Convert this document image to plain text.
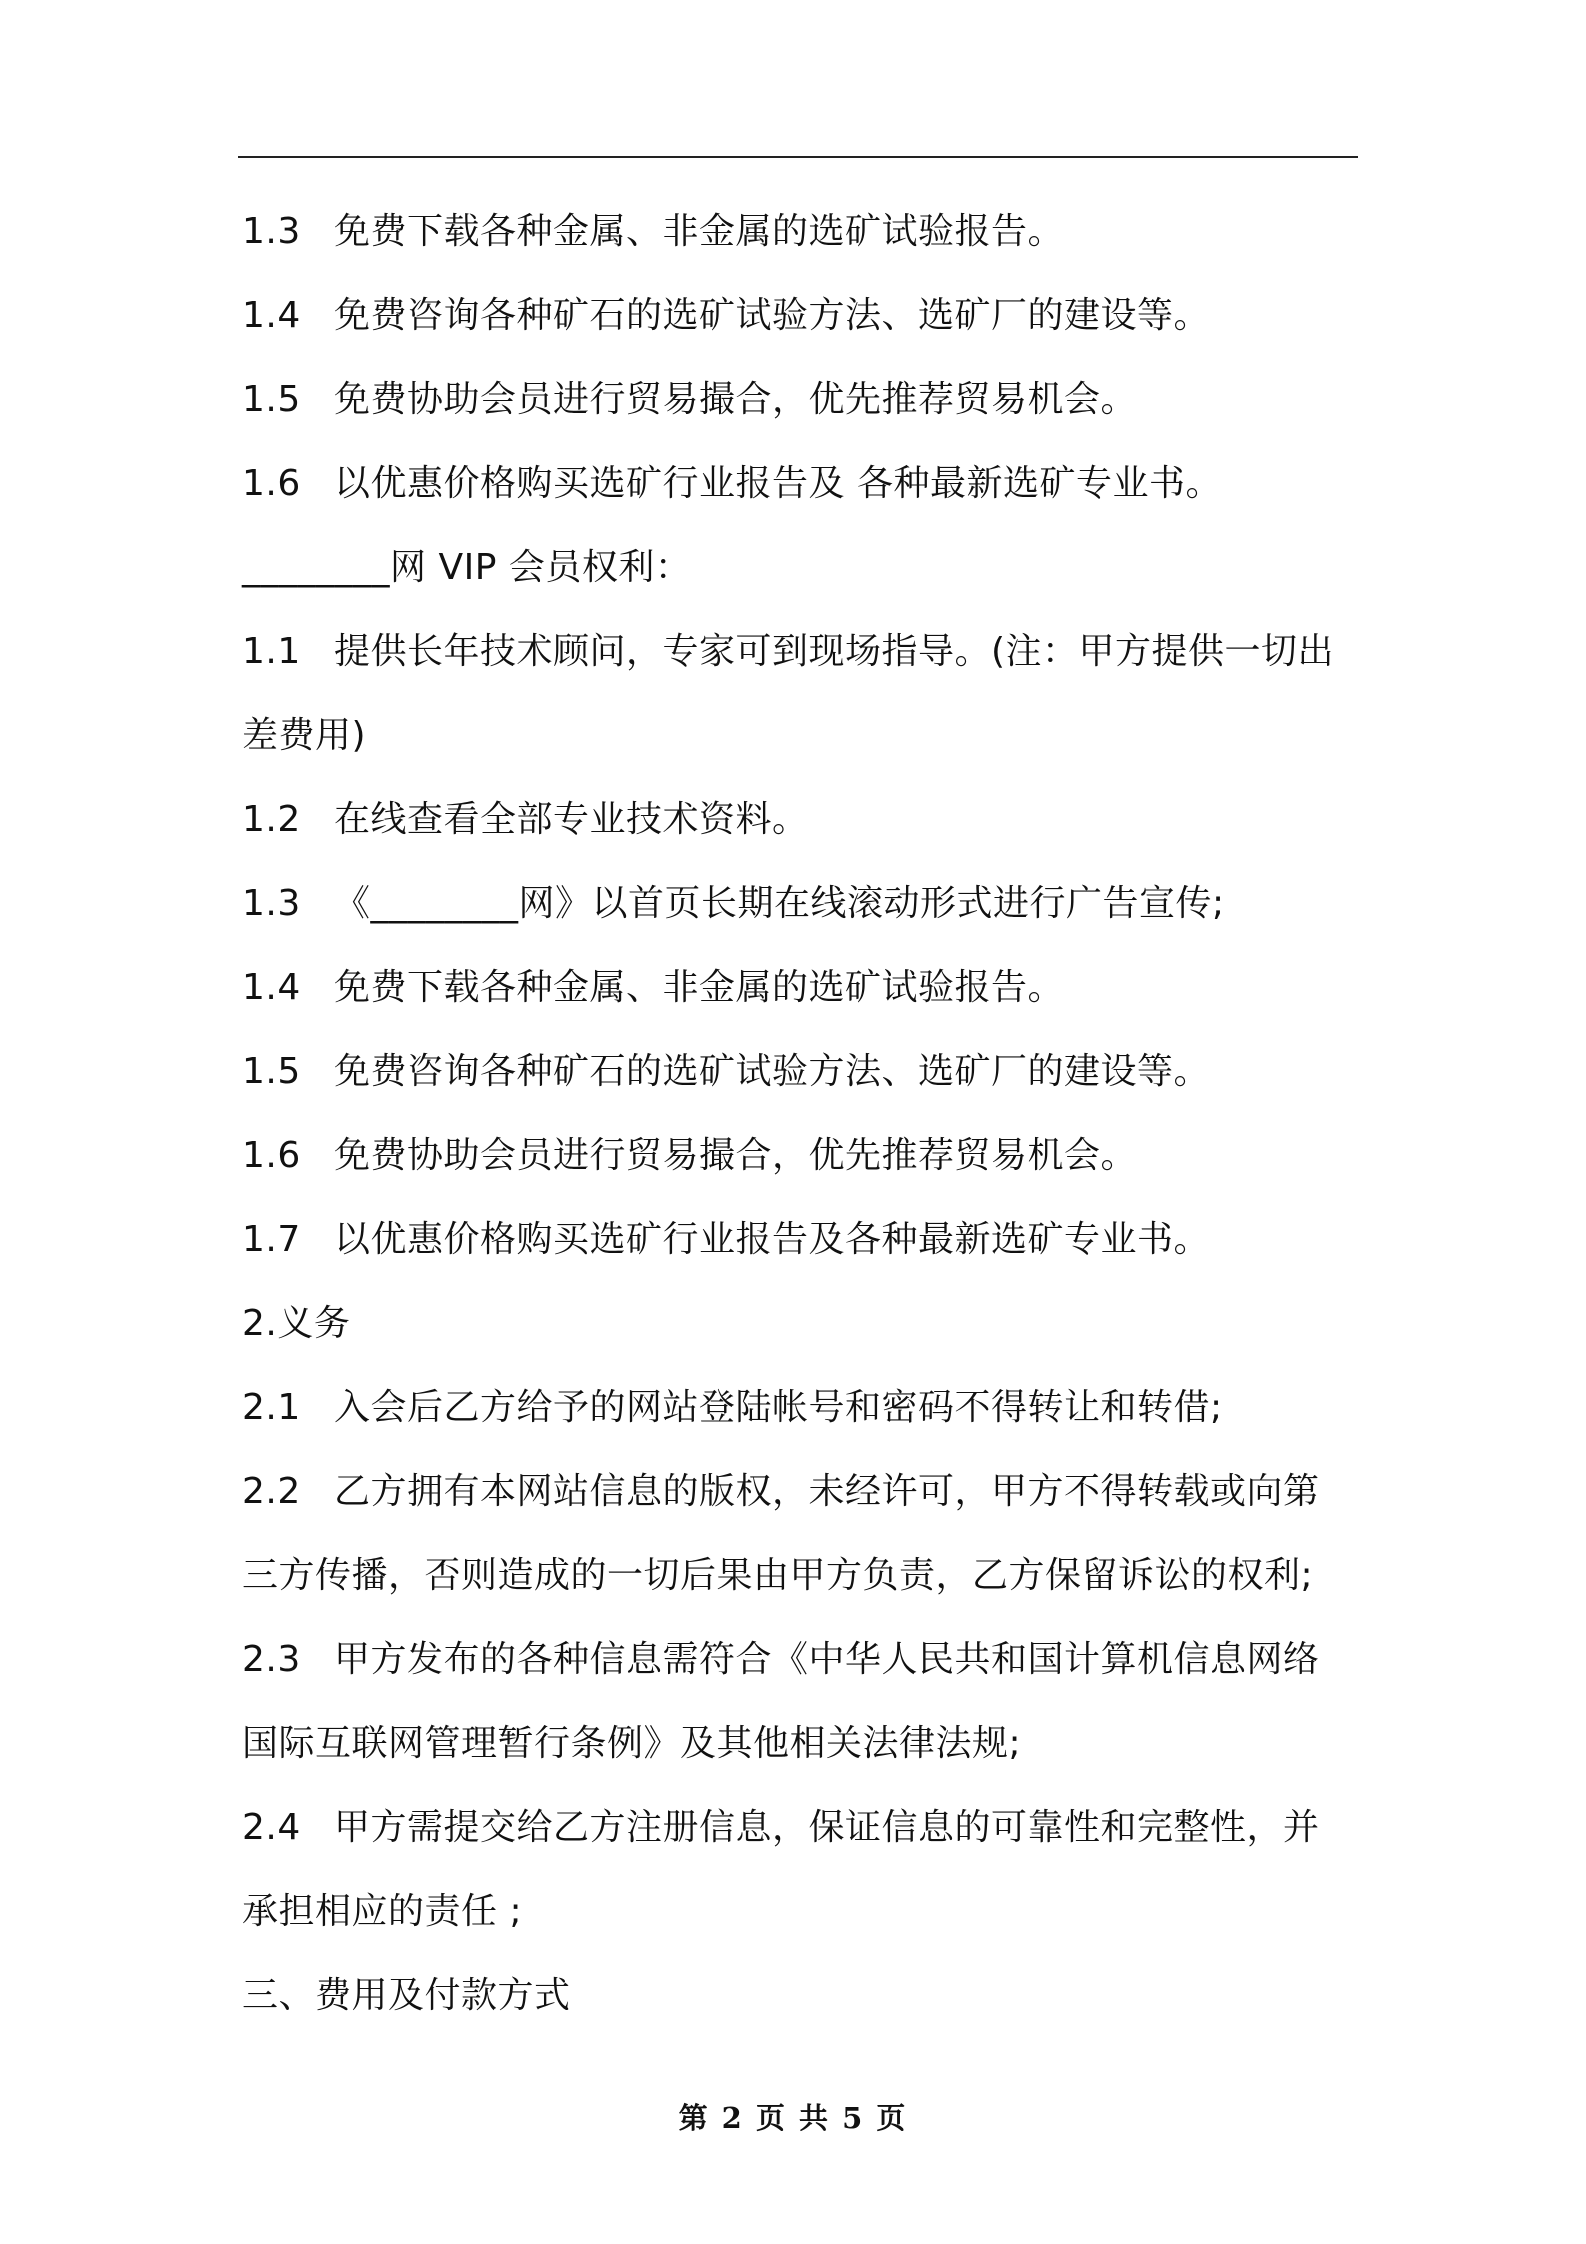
1.3 免费下载各种金属、非金属的选矿试验报告。
1.4 免费咨询各种矿石的选矿试验方法、选矿厂的建设等。
1.5 免费协助会员进行贸易撮合，优先推荐贸易机会。
1.6 以优惠价格购买选矿行业报告及 各种最新选矿专业书。
________网 VIP 会员权利：
1.1 提供长年技术顾问，专家可到现场指导。(注：甲方提供一切出
差费用)
1.2 在线查看全部专业技术资料。
1.3 《________网》以首页长期在线滚动形式进行广告宣传;
1.4 免费下载各种金属、非金属的选矿试验报告。
1.5 免费咨询各种矿石的选矿试验方法、选矿厂的建设等。
1.6 免费协助会员进行贸易撮合，优先推荐贸易机会。
1.7 以优惠价格购买选矿行业报告及各种最新选矿专业书。
2.义务
2.1 入会后乙方给予的网站登陆帐号和密码不得转让和转借;
2.2 乙方拥有本网站信息的版权，未经许可，甲方不得转载或向第
三方传播，否则造成的一切后果由甲方负责，乙方保留诉讼的权利;
2.3 甲方发布的各种信息需符合《中华人民共和国计算机信息网络
国际互联网管理暂行条例》及其他相关法律法规;
2.4 甲方需提交给乙方注册信息，保证信息的可靠性和完整性，并
承担相应的责任 ;
三、费用及付款方式
第 2 页 共 5 页
